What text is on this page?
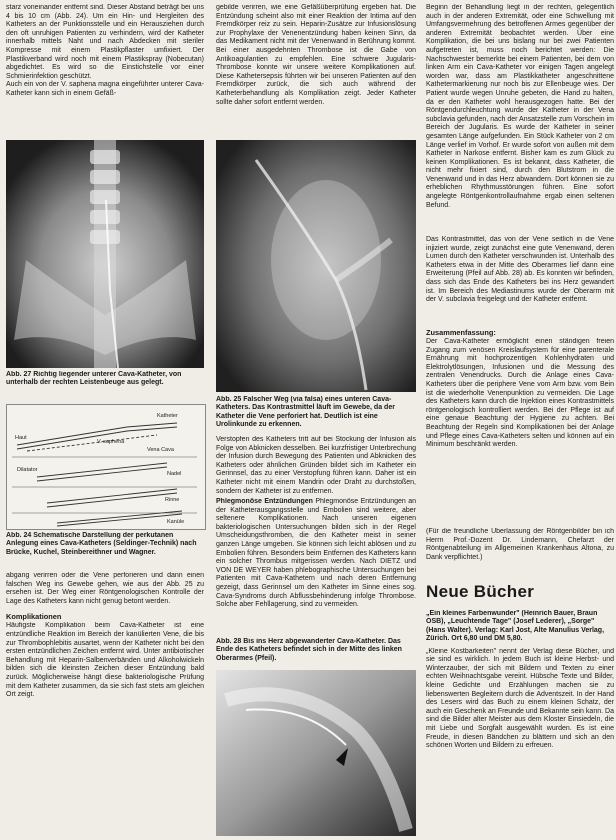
starz voneinander entfernt sind. Dieser Abstand beträgt bei uns 4 bis 10 cm (Abb. 24). Um ein Hin- und Hergleiten des Katheters an der Punktionsstelle und ein Herausziehen durch den oft unruhigen Patienten zu verhindern, wird der Katheter innerhalb mittels Naht und nach Abdecken mit steriler Kompresse mit einem Plastikpflaster umfixiert. Der Plastikverband wird noch mit einem Plastikspray (Nobecutan) abgedichtet. Es wird so die Einstichstelle vor einer Schmierinfektion geschützt.
Auch ein von der V. saphena magna eingeführter unterer Cava-Katheter kann sich in einem Gefäß-

Abb. 27 Richtig liegender unterer Cava-Katheter, von unterhalb der rechten Leistenbeuge aus gelegt.

Katheter
V. saphena
Haut
Vena Cava
Nadel
Rinne
Kanüle
Dilatator

Abb. 24 Schematische Darstellung der perkutanen Anlegung eines Cava-Katheters (Seldinger-Technik) nach Brücke, Kuchel, Steinbereithner und Wagner.

abgang verirren oder die Vene perforieren und dann einen falschen Weg ins Gewebe gehen, wie aus der Abb. 25 zu ersehen ist. Der Weg einer Röntgenologischen Kontrolle der Lage des Katheters kann nicht genug betont werden.

Komplikationen

Häufigste Komplikation beim Cava-Katheter ist eine entzündliche Reaktion im Bereich der kanülierten Vene, die bis zur Thrombophlebitis ausartet, wenn der Katheter nicht bei den ersten entzündlichen Zeichen entfernt wird. Unter antibiotischer Behandlung mit Heparin-Salbenverbänden und Alkoholwickeln bilden sich die kleinsten Zeichen dieser Entzündung bald zurück. Möglicherweise hängt diese bakteriologische Prüfung mit dem Katheter zusammen, da sie sich fast stets am gleichen Ort zeigt.

gebilde verirren, wie eine Gefäßüberprüfung ergeben hat. Die Entzündung scheint also mit einer Reaktion der Intima auf den Fremdkörper reiz zu sein. Heparin-Zusätze zur Infusionslösung zur Prophylaxe der Venenentzündung haben keinen Sinn, da das Medikament nicht mit der Venenwand in Berührung kommt. Bei einer ausgedehnten Thrombose ist die Gabe von Antikoagulantien zu empfehlen. Eine schwere Jugularis-Thrombose konnte wir unsere weitere Komplikationen auf. Diese Kathetersepsis führten wir bei unseren Patienten auf den Fremdkörper zurück, die sich auch während der Katheterbehandlung als Komplikation zeigt. Jeder Katheter sollte daher sofort entfernt werden.

Abb. 25 Falscher Weg (via falsa) eines unteren Cava-Katheters. Das Kontrastmittel läuft im Gewebe, da der Katheter die Vene perforiert hat. Deutlich ist eine Urolinkunde zu erkennen.

Verstopfen des Katheters tritt auf bei Stockung der Infusion als Folge von Abknicken desselben. Bei kurzfristiger Unterbrechung der Infusion durch Bewegung des Patienten und Abknicken des Katheters oder ähnlichen Gründen bildet sich im Katheter ein Gerinnsel, das zu einer Verstopfung führen kann. Daher ist ein Katheter nicht mit einem Mandrin oder Draht zu durchstoßen, sondern der Katheter ist zu entfernen.

Phlegmonöse Entzündungen Phlegmonöse Entzündungen an der Katheterausgangsstelle und Embolien sind weitere, aber seltenere Komplikationen. Nach unseren eigenen bakteriologischen Untersuchungen bilden sich in der Regel Umscheidungsthromben, die den Katheter meist in seiner ganzen Länge umgeben. Sie können sich leicht ablösen und zu Embolien führen. Besonders beim Entfernen des Katheters kann ein solcher Thrombus mitgerissen werden. Nach DIETZ und VON DE WEYER haben phlebographische Untersuchungen bei Patienten mit Cava-Kathetern und nach deren Entfernung gezeigt, dass Gerinnsel um den Katheter im Sinne eines sog. Cava-Syndroms durch Abflussbehinderung infolge Thrombose. Solche aber Fehllagerung, sind zu vermeiden.

Abb. 28 Bis ins Herz abgewanderter Cava-Katheter. Das Ende des Katheters befindet sich in der Mitte des linken Oberarmes (Pfeil).

Beginn der Behandlung liegt in der rechten, gelegentlich auch in der anderen Extremität, oder eine Schwellung mit Umfangsvermehrung des betroffenen Armes gegenüber der anderen Extremität beobachtet werden. Über eine Komplikation, die bei uns bislang nur bei zwei Patienten aufgetreten ist, muss noch berichtet werden: Die Nachschwester bemerkte bei einem Patienten, bei dem von linken Arm ein Cava-Katheter vor einigen Tagen angelegt worden war, dass am Plastikkatheter angeschnittene Kathetermarkierung nur noch bis zur Ellenbeuge wies. Der Patient wurde wegen Unruhe gebeten, die Hand zu halten, da er den Katheter wohl herausgezogen hatte. Bei der Röntgendurchleuchtung wurde der Katheter in der Vena subclavia gefunden, nach der Ansatzstelle zum Vorschein im Bereich der Jugularis. Es wurde der Katheter in seiner gesamten Länge aufgefunden. Ein Stück Katheter von 2 cm Länge verlief im Vorhof. Er wurde sofort von außen mit dem Katheter in Narkose entfernt. Bisher kam es zum Glück zu keinen Komplikationen. Es ist bekannt, dass Katheter, die nicht mehr fixiert sind, durch den Blutstrom in die Venenwand und in das Herz abwandern. Dort können sie zu erheblichen Rhythmusstörungen führen. Eine sofort angelegte Röntgenkontrollaufnahme ergab einen seltenen Befund.

Das Kontrastmittel, das von der Vene seitlich in die Vene injiziert wurde, zeigt zunächst eine gute Venenwand, deren Lumen durch den Katheter verschwunden ist. Unterhalb des Katheters etwa in der Mitte des Oberarmes lief dann eine Erweiterung (Pfeil auf Abb. 28) ab. Es konnten wir befinden, dass sich das Ende des Katheters bei ins Herz gewandert ist. Im Bereich des Mediastinums wurde der Oberarm mit der V. subclavia freigelegt und der Katheter entfernt.

Zusammenfassung:

Der Cava-Katheter ermöglicht einen ständigen freien Zugang zum venösen Kreislaufsystem für eine parenterale Ernährung mit hochprozentigen Kohlenhydraten und Elektrolytlösungen, Infusionen und die Messung des zentralen Venendrucks. Durch die Anlage eines Cava-Katheters über die periphere Vene vom Arm bzw. vom Bein ist die wiederholte Venenpunktion zu vermeiden. Die Lage des Katheters kann durch die Injektion eines Kontrastmittels röntgenologisch kontrolliert werden. Bei der Pflege ist auf eine genaue Beachtung der Hygiene zu achten. Bei Beachtung der Regeln sind Komplikationen bei der Anlage und Pflege eines Cava-Katheters selten und können auf ein Minimum beschränkt werden.

(Für die freundliche Überlassung der Röntgenbilder bin ich Herrn Prof.-Dozent Dr. Lindemann, Chefarzt der Röntgenabteilung im Allgemeinen Krankenhaus Altona, zu Dank verpflichtet.)

Neue Bücher

„Ein kleines Farbenwunder" (Heinrich Bauer, Braun OSB), „Leuchtende Tage" (Josef Lederer), „Sorge" (Hans Walter). Verlag: Karl Jost, Alte Manulius Verlag, Zürich. Ort 6,80 und DM 5,80.

„Kleine Kostbarkeiten" nennt der Verlag diese Bücher, und sie sind es wirklich. In jedem Buch ist kleine Herbst- und Winterzauber, der sich mit Bildern und Texten zu einer echten Weihnachtsgabe vereint. Hübsche Texte und Bilder, kleine Gedichte und Erzählungen machen sie zu liebenswerten Begleitern durch die Adventszeit. In der Hand des Lesers wird das Buch zu einem kleinen Schatz, der auch ein Geschenk an Freunde und Bekannte sein kann. Da sind die Bilder alter Meister aus dem Kloster Einsiedeln, die mit Liebe und Sorgfalt ausgewählt wurden. Es ist eine Freude, in diesen Bändchen zu blättern und sich an den schönen Worten und Bildern zu erfreuen.
